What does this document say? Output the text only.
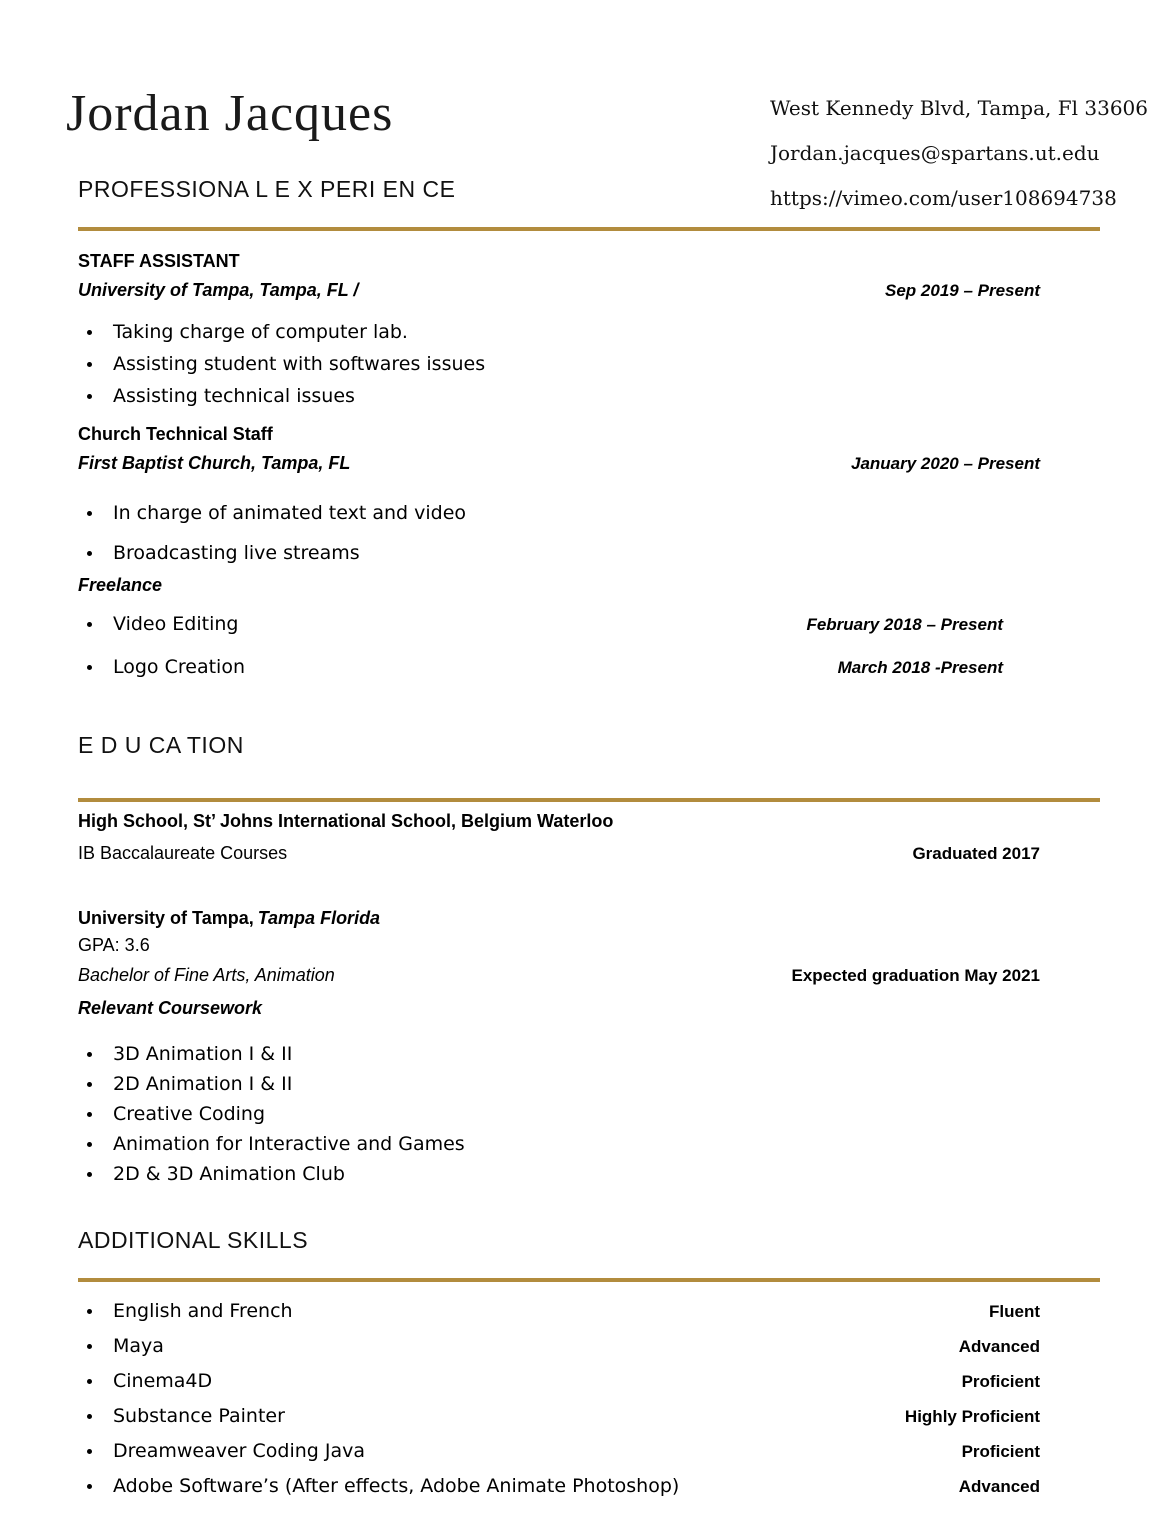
Jordan Jacques	West Kennedy Blvd, Tampa, Fl 33606
Jordan.jacques@spartans.ut.edu
https://vimeo.com/user108694738
PROFESSIONA L E X PERI EN CE
STAFF ASSISTANT
University of Tampa, Tampa, FL /	Sep 2019 – Present
Taking charge of computer lab.
Assisting student with softwares issues
Assisting technical issues
Church Technical Staff
First Baptist Church, Tampa, FL	January 2020 – Present
In charge of animated text and video
Broadcasting live streams
Freelance
Video Editing	February 2018 – Present
Logo Creation	March 2018 -Present
E D U CA TION
High School, St’ Johns International School, Belgium Waterloo
IB Baccalaureate Courses	Graduated 2017
University of Tampa, Tampa Florida
GPA: 3.6
Bachelor of Fine Arts, Animation	Expected graduation May 2021
Relevant Coursework
3D Animation I & II
2D Animation I & II
Creative Coding
Animation for Interactive and Games
2D & 3D Animation Club
ADDITIONAL SKILLS
English and French	Fluent
Maya	Advanced
Cinema4D	Proficient
Substance Painter	Highly Proficient
Dreamweaver Coding Java	Proficient
Adobe Software’s (After effects, Adobe Animate Photoshop)	Advanced
